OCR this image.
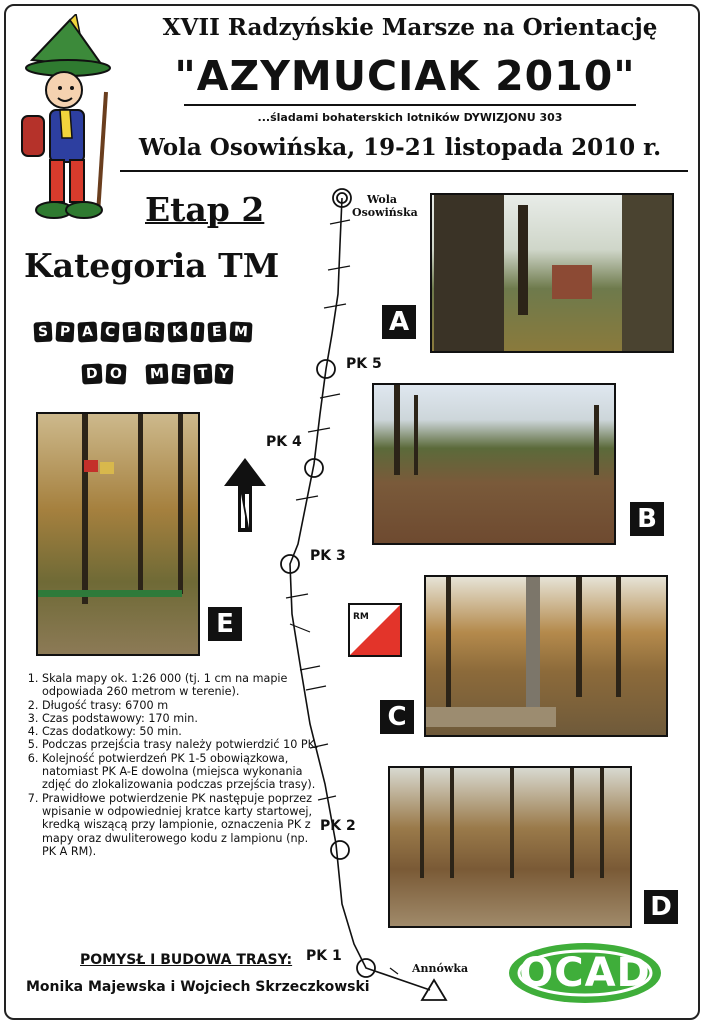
XVII Radzyńskie Marsze na Orientację
"AZYMUCIAK 2010"
...śladami bohaterskich lotników DYWIZJONU 303
Wola Osowińska, 19-21 listopada 2010 r.
Etap 2
Kategoria TM
S P A C E R K I E M
D O M E T Y
A
B
C
D
E	RM
Wola
Osowińska
PK 5
PK 4
PK 3
PK 2
PK 1
Annówka
1. Skala mapy ok. 1:26 000 (tj. 1 cm na mapie odpowiada 260 metrom w terenie).
2. Długość trasy: 6700 m
3. Czas podstawowy: 170 min.
4. Czas dodatkowy: 50 min.
5. Podczas przejścia trasy należy potwierdzić 10 PK.
6. Kolejność potwierdzeń PK 1-5 obowiązkowa, natomiast PK A-E dowolna (miejsca wykonania zdjęć do zlokalizowania podczas przejścia trasy).
7. Prawidłowe potwierdzenie PK następuje poprzez wpisanie w odpowiedniej kratce karty startowej, kredką wiszącą przy lampionie, oznaczenia PK z mapy oraz dwuliterowego kodu z lampionu (np. PK A RM).
POMYSŁ I BUDOWA TRASY:
Monika Majewska i Wojciech Skrzeczkowski	OCAD
